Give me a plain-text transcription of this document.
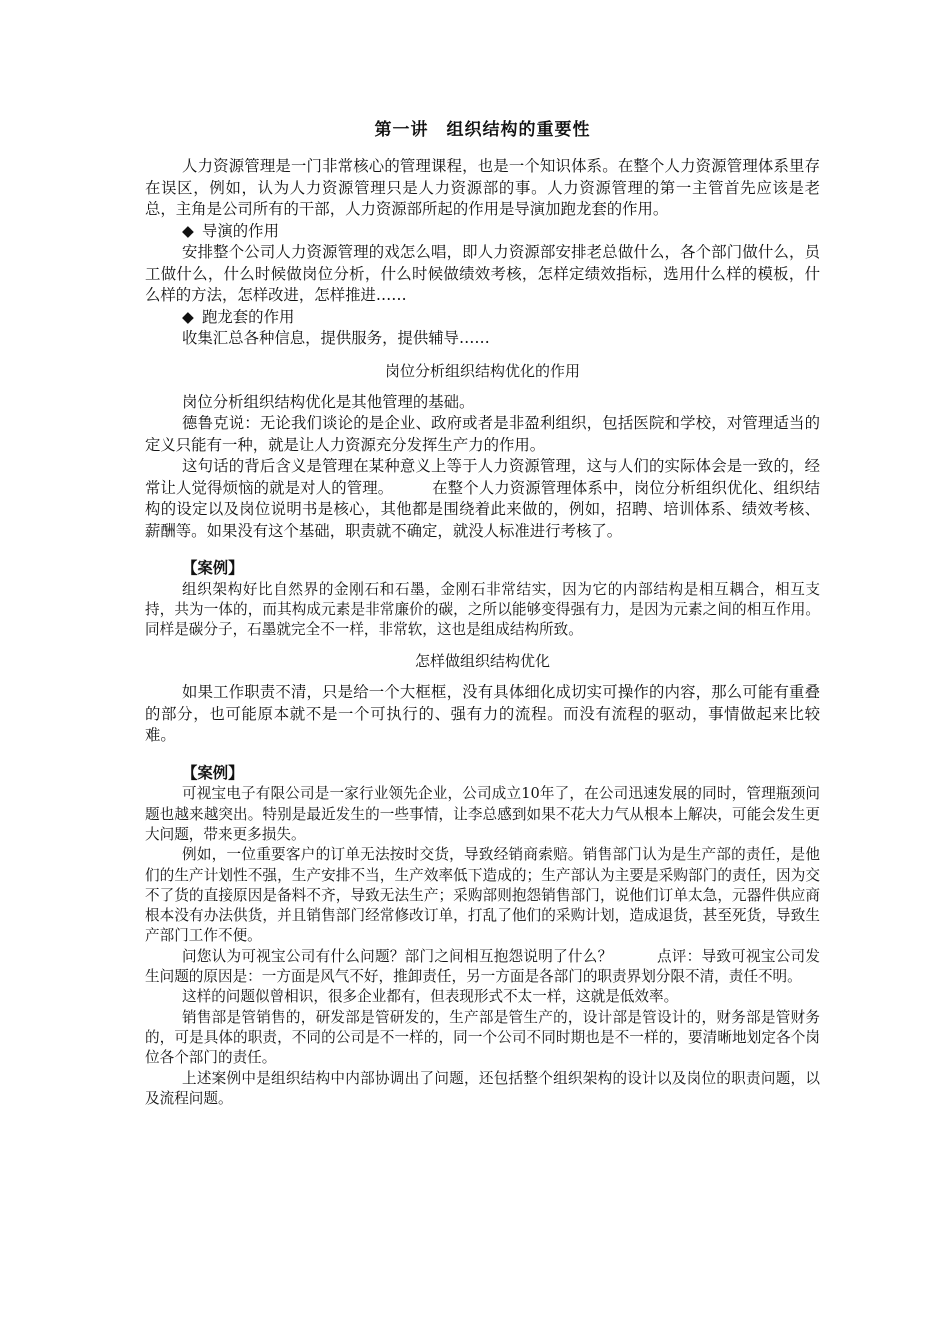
第一讲　组织结构的重要性

人力资源管理是一门非常核心的管理课程，也是一个知识体系。在整个人力资源管理体系里存在误区，例如，认为人力资源管理只是人力资源部的事。人力资源管理的第一主管首先应该是老总，主角是公司所有的干部，人力资源部所起的作用是导演加跑龙套的作用。

◆ 导演的作用

安排整个公司人力资源管理的戏怎么唱，即人力资源部安排老总做什么，各个部门做什么，员工做什么，什么时候做岗位分析，什么时候做绩效考核，怎样定绩效指标，选用什么样的模板，什么样的方法，怎样改进，怎样推进……

◆ 跑龙套的作用

收集汇总各种信息，提供服务，提供辅导……

岗位分析组织结构优化的作用

岗位分析组织结构优化是其他管理的基础。

德鲁克说：无论我们谈论的是企业、政府或者是非盈利组织，包括医院和学校，对管理适当的定义只能有一种，就是让人力资源充分发挥生产力的作用。

这句话的背后含义是管理在某种意义上等于人力资源管理，这与人们的实际体会是一致的，经常让人觉得烦恼的就是对人的管理。　　　在整个人力资源管理体系中，岗位分析组织优化、组织结构的设定以及岗位说明书是核心，其他都是围绕着此来做的，例如，招聘、培训体系、绩效考核、薪酬等。如果没有这个基础，职责就不确定，就没人标准进行考核了。

【案例】

组织架构好比自然界的金刚石和石墨，金刚石非常结实，因为它的内部结构是相互耦合，相互支持，共为一体的，而其构成元素是非常廉价的碳，之所以能够变得强有力，是因为元素之间的相互作用。同样是碳分子，石墨就完全不一样，非常软，这也是组成结构所致。

怎样做组织结构优化

如果工作职责不清，只是给一个大框框，没有具体细化成切实可操作的内容，那么可能有重叠的部分，也可能原本就不是一个可执行的、强有力的流程。而没有流程的驱动，事情做起来比较难。

【案例】

可视宝电子有限公司是一家行业领先企业，公司成立10年了，在公司迅速发展的同时，管理瓶颈问题也越来越突出。特别是最近发生的一些事情，让李总感到如果不花大力气从根本上解决，可能会发生更大问题，带来更多损失。

例如，一位重要客户的订单无法按时交货，导致经销商索赔。销售部门认为是生产部的责任，是他们的生产计划性不强，生产安排不当，生产效率低下造成的；生产部认为主要是采购部门的责任，因为交不了货的直接原因是备料不齐，导致无法生产；采购部则抱怨销售部门，说他们订单太急，元器件供应商根本没有办法供货，并且销售部门经常修改订单，打乱了他们的采购计划，造成退货，甚至死货，导致生产部门工作不便。

问您认为可视宝公司有什么问题？部门之间相互抱怨说明了什么？　　　点评：导致可视宝公司发生问题的原因是：一方面是风气不好，推卸责任，另一方面是各部门的职责界划分限不清，责任不明。

这样的问题似曾相识，很多企业都有，但表现形式不太一样，这就是低效率。

销售部是管销售的，研发部是管研发的，生产部是管生产的，设计部是管设计的，财务部是管财务的，可是具体的职责，不同的公司是不一样的，同一个公司不同时期也是不一样的，要清晰地划定各个岗位各个部门的责任。

上述案例中是组织结构中内部协调出了问题，还包括整个组织架构的设计以及岗位的职责问题，以及流程问题。
